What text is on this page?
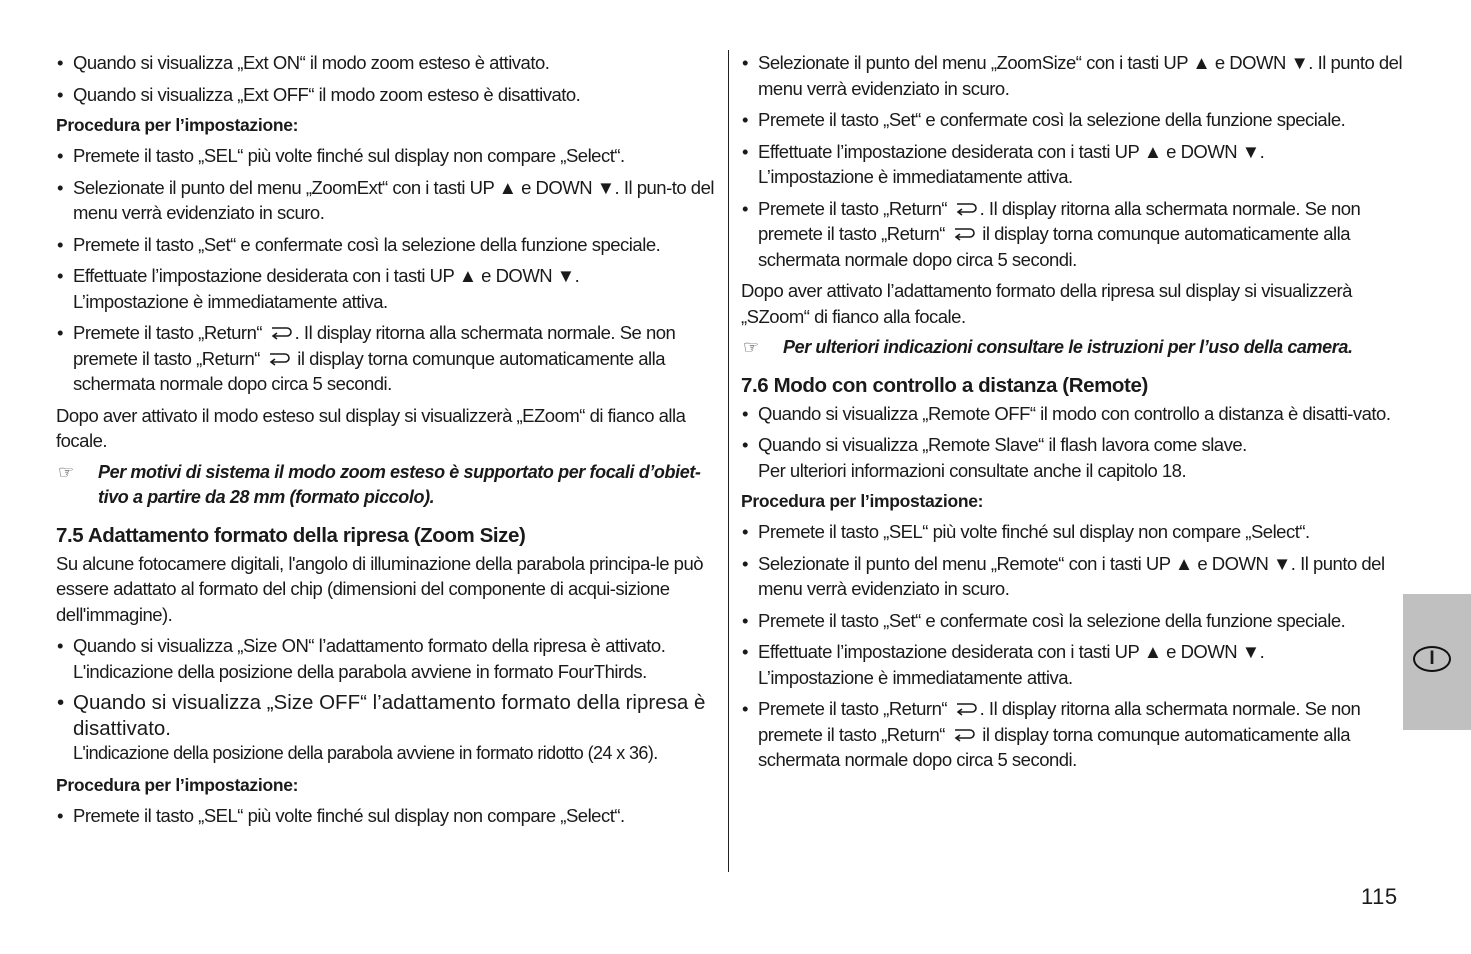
• Quando si visualizza „Ext ON“ il modo zoom esteso è attivato.

• Quando si visualizza „Ext OFF“ il modo zoom esteso è disattivato.

Procedura per l’impostazione:

• Premete il tasto „SEL“ più volte finché sul display non compare „Select“.

• Selezionate il punto del menu „ZoomExt“ con i tasti UP ▲ e DOWN ▼. Il pun-to del menu verrà evidenziato in scuro.

• Premete il tasto „Set“ e confermate così la selezione della funzione speciale.

• Effettuate l’impostazione desiderata con i tasti UP ▲ e DOWN ▼.
L’impostazione è immediatamente attiva.

• Premete il tasto „Return“ . Il display ritorna alla schermata normale. Se non premete il tasto „Return“ il display torna comunque automaticamente alla schermata normale dopo circa 5 secondi.

Dopo aver attivato il modo esteso sul display si visualizzerà „EZoom“ di fianco alla focale.

☞ Per motivi di sistema il modo zoom esteso è supportato per focali d’obiet-tivo a partire da 28 mm (formato piccolo).

7.5 Adattamento formato della ripresa (Zoom Size)

Su alcune fotocamere digitali, l'angolo di illuminazione della parabola principa-le può essere adattato al formato del chip (dimensioni del componente di acqui-sizione dell'immagine).

• Quando si visualizza „Size ON“ l’adattamento formato della ripresa è attivato.
L'indicazione della posizione della parabola avviene in formato FourThirds.

• Quando si visualizza „Size OFF“ l’adattamento formato della ripresa è disattivato.
L'indicazione della posizione della parabola avviene in formato ridotto (24 x 36).

Procedura per l’impostazione:

• Premete il tasto „SEL“ più volte finché sul display non compare „Select“.

• Selezionate il punto del menu „ZoomSize“ con i tasti UP ▲ e DOWN ▼. Il punto del menu verrà evidenziato in scuro.

• Premete il tasto „Set“ e confermate così la selezione della funzione speciale.

• Effettuate l’impostazione desiderata con i tasti UP ▲ e DOWN ▼.
L’impostazione è immediatamente attiva.

• Premete il tasto „Return“ . Il display ritorna alla schermata normale. Se non premete il tasto „Return“ il display torna comunque automaticamente alla schermata normale dopo circa 5 secondi.

Dopo aver attivato l’adattamento formato della ripresa sul display si visualizzerà „SZoom“ di fianco alla focale.

☞ Per ulteriori indicazioni consultare le istruzioni per l’uso della camera.

7.6 Modo con controllo a distanza (Remote)

• Quando si visualizza „Remote OFF“ il modo con controllo a distanza è disatti-vato.

• Quando si visualizza „Remote Slave“ il flash lavora come slave.
Per ulteriori informazioni consultate anche il capitolo 18.

Procedura per l’impostazione:

• Premete il tasto „SEL“ più volte finché sul display non compare „Select“.

• Selezionate il punto del menu „Remote“ con i tasti UP ▲ e DOWN ▼. Il punto del menu verrà evidenziato in scuro.

• Premete il tasto „Set“ e confermate così la selezione della funzione speciale.

• Effettuate l’impostazione desiderata con i tasti UP ▲ e DOWN ▼.
L’impostazione è immediatamente attiva.

• Premete il tasto „Return“ . Il display ritorna alla schermata normale. Se non premete il tasto „Return“ il display torna comunque automaticamente alla schermata normale dopo circa 5 secondi.

I
115
